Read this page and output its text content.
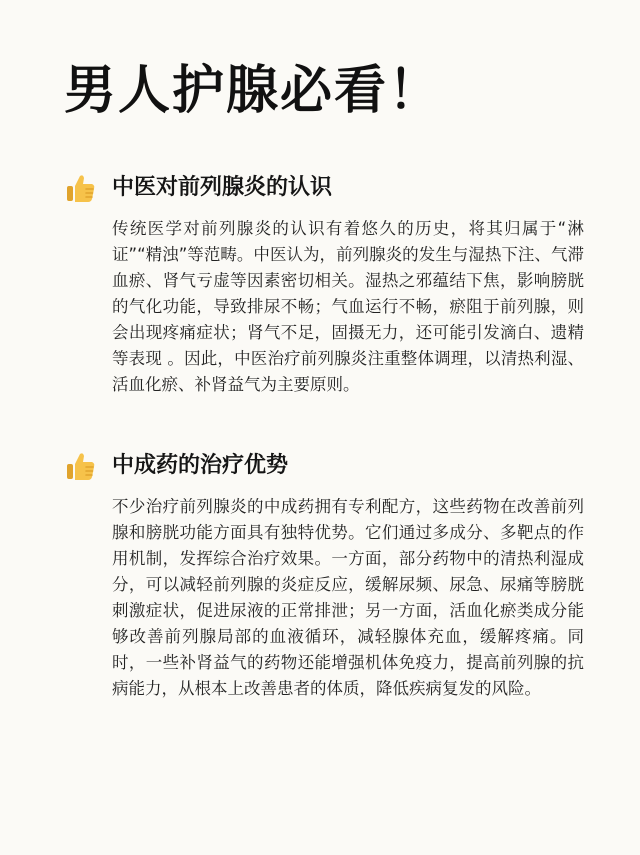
男人护腺必看！
中医对前列腺炎的认识

传统医学对前列腺炎的认识有着悠久的历史，将其归属于“淋证”“精浊”等范畴。中医认为，前列腺炎的发生与湿热下注、气滞血瘀、肾气亏虚等因素密切相关。湿热之邪蕴结下焦，影响膀胱的气化功能，导致排尿不畅；气血运行不畅，瘀阻于前列腺，则会出现疼痛症状；肾气不足，固摄无力，还可能引发滴白、遗精等表现 。因此，中医治疗前列腺炎注重整体调理，以清热利湿、活血化瘀、补肾益气为主要原则。

中成药的治疗优势

不少治疗前列腺炎的中成药拥有专利配方，这些药物在改善前列腺和膀胱功能方面具有独特优势。它们通过多成分、多靶点的作用机制，发挥综合治疗效果。一方面，部分药物中的清热利湿成分，可以减轻前列腺的炎症反应，缓解尿频、尿急、尿痛等膀胱刺激症状，促进尿液的正常排泄；另一方面，活血化瘀类成分能够改善前列腺局部的血液循环，减轻腺体充血，缓解疼痛。同时，一些补肾益气的药物还能增强机体免疫力，提高前列腺的抗病能力，从根本上改善患者的体质，降低疾病复发的风险。
